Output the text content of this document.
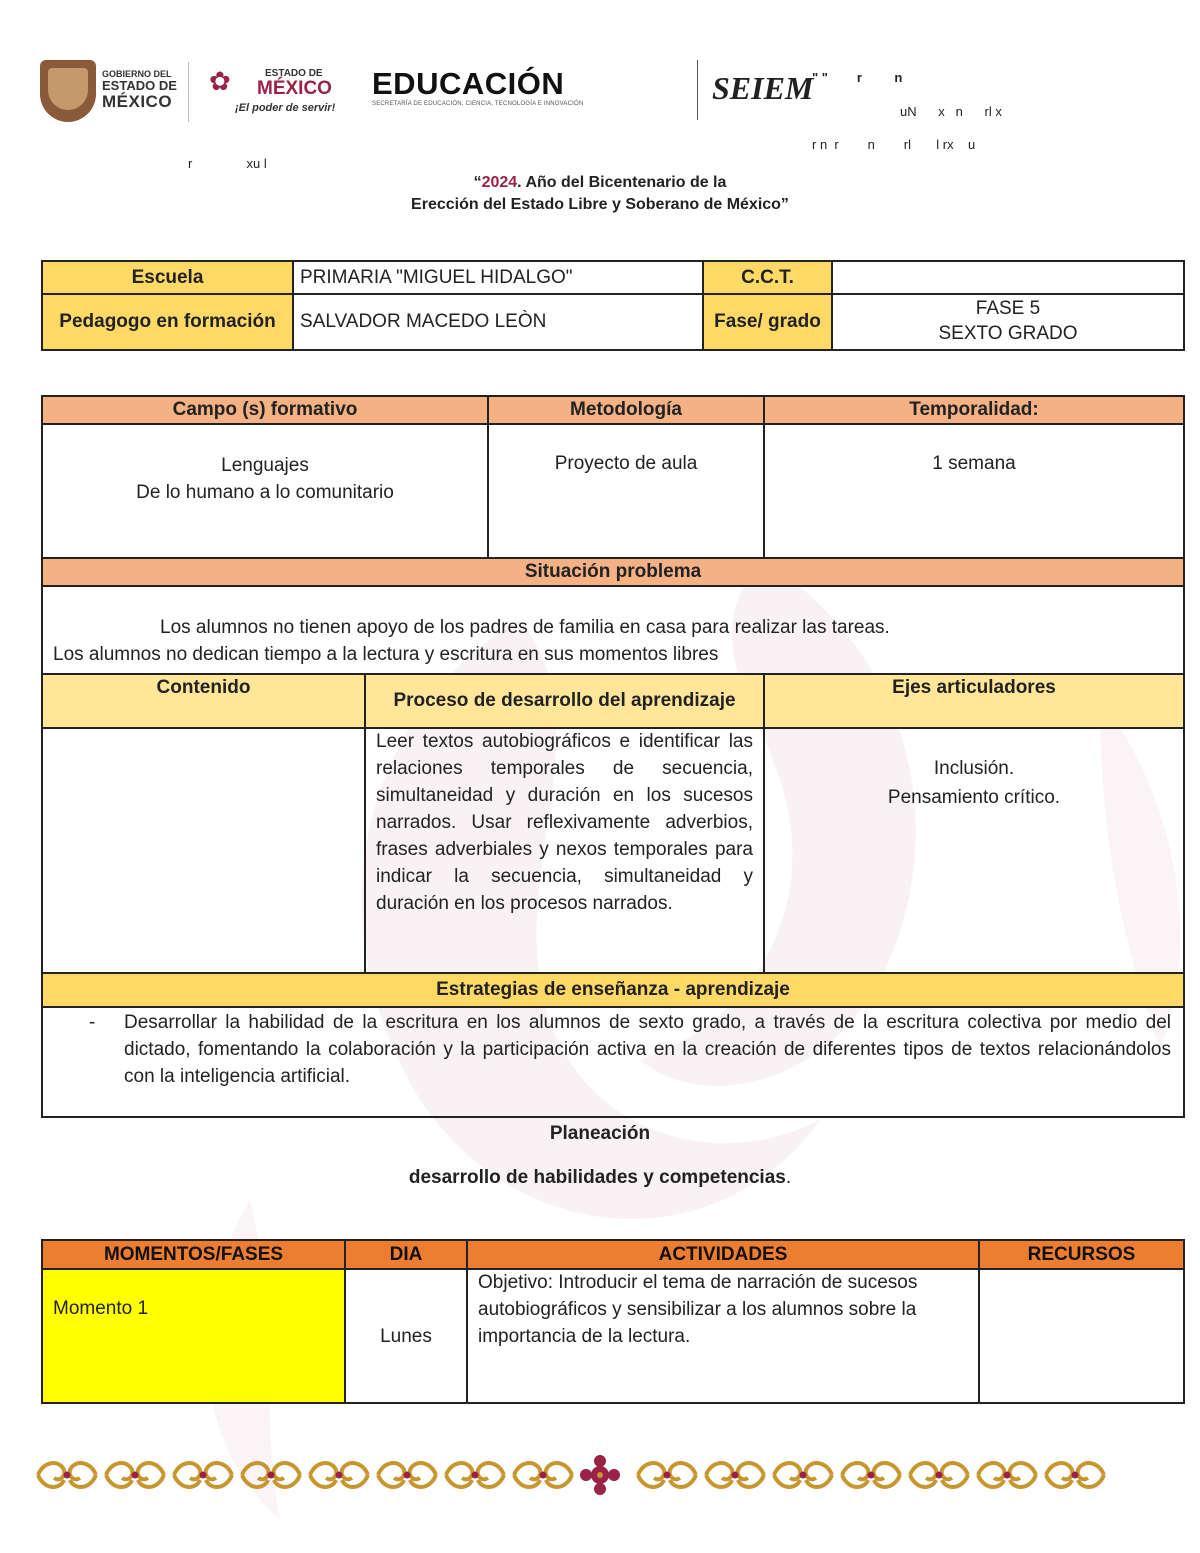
GOBIERNO DEL
ESTADO DE
MÉXICO
✿	ESTADO DE
MÉXICO
¡El poder de servir!
EDUCACIÓN
SECRETARÍA DE EDUCACIÓN, CIENCIA, TECNOLOGÍA E INNOVACIÓN	SEIEM
" "        r         n
uN      x   n      rl x
r n  r        n        rl       l rx    u
r               xu l
“2024. Año del Bicentenario de la
Erección del Estado Libre y Soberano de México”
Escuela	PRIMARIA "MIGUEL HIDALGO"	C.C.T.	
Pedagogo en formación	SALVADOR MACEDO LEÒN	Fase/ grado	FASE 5
SEXTO GRADO
Campo (s) formativo		Metodología	Temporalidad:

Lenguajes
De lo humano a lo comunitario		Proyecto de aula	1 semana
Situación problema			

Los alumnos no tienen apoyo de los padres de familia en casa para realizar las tareas.
Los alumnos no dedican tiempo a la lectura y escritura en sus momentos libres			

Contenido	Proceso de desarrollo del aprendizaje		Ejes articuladores
	Leer textos autobiográficos e identificar las relaciones temporales de secuencia, simultaneidad y duración en los sucesos narrados. Usar reflexivamente adverbios, frases adverbiales y nexos temporales para indicar la secuencia, simultaneidad y duración en los procesos narrados.		Inclusión.
Pensamiento crítico.

Estrategias de enseñanza - aprendizaje			

- Desarrollar la habilidad de la escritura en los alumnos de sexto grado, a través de la escritura colectiva por medio del dictado, fomentando la colaboración y la participación activa en la creación de diferentes tipos de textos relacionándolos con la inteligencia artificial.			
Planeación
desarrollo de habilidades y competencias.
MOMENTOS/FASES	DIA	ACTIVIDADES	RECURSOS
Momento 1	Lunes	Objetivo: Introducir el tema de narración de sucesos autobiográficos y sensibilizar a los alumnos sobre la importancia de la lectura.	
